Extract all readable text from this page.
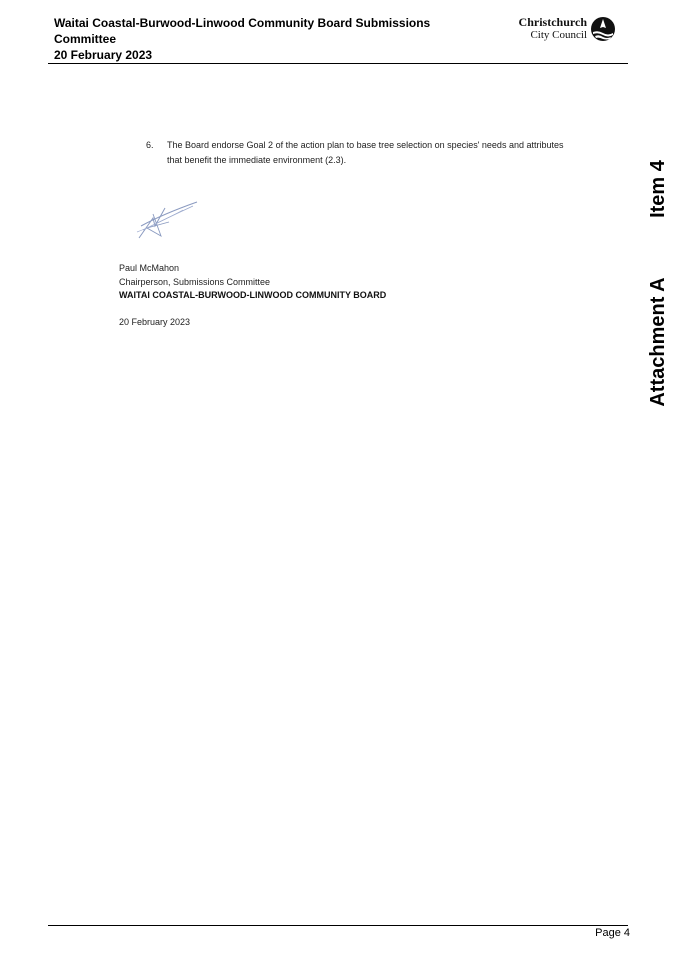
Waitai Coastal-Burwood-Linwood Community Board Submissions
Committee
20 February 2023
Christchurch
City Council
6. The Board endorse Goal 2 of the action plan to base tree selection on species' needs and attributes that benefit the immediate environment (2.3).
Paul McMahon
Chairperson, Submissions Committee
WAITAI COASTAL-BURWOOD-LINWOOD COMMUNITY BOARD
20 February 2023
Item 4
Attachment A
Page 4
